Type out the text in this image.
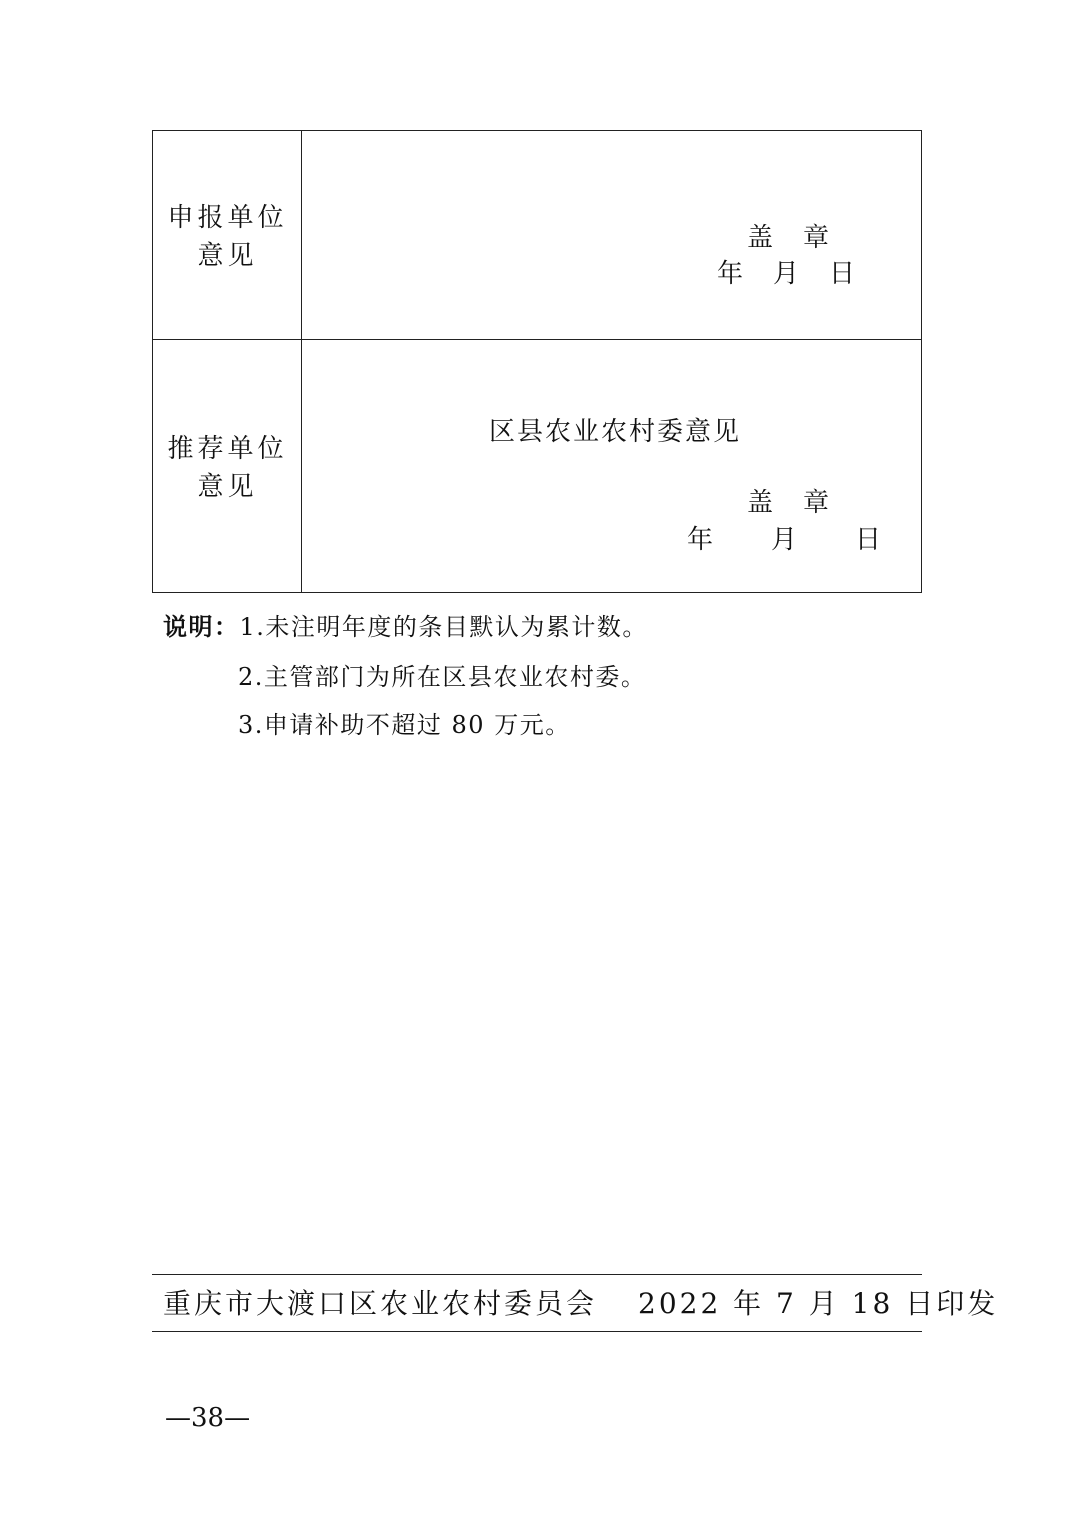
申报单位
意见
盖　章
年　月　日
推荐单位
意见
区县农业农村委意见
盖　章
年　　月　　日
说明：1.未注明年度的条目默认为累计数。
2.主管部门为所在区县农业农村委。
3.申请补助不超过 80 万元。
重庆市大渡口区农业农村委员会 2022 年 7 月 18 日印发
—38—
